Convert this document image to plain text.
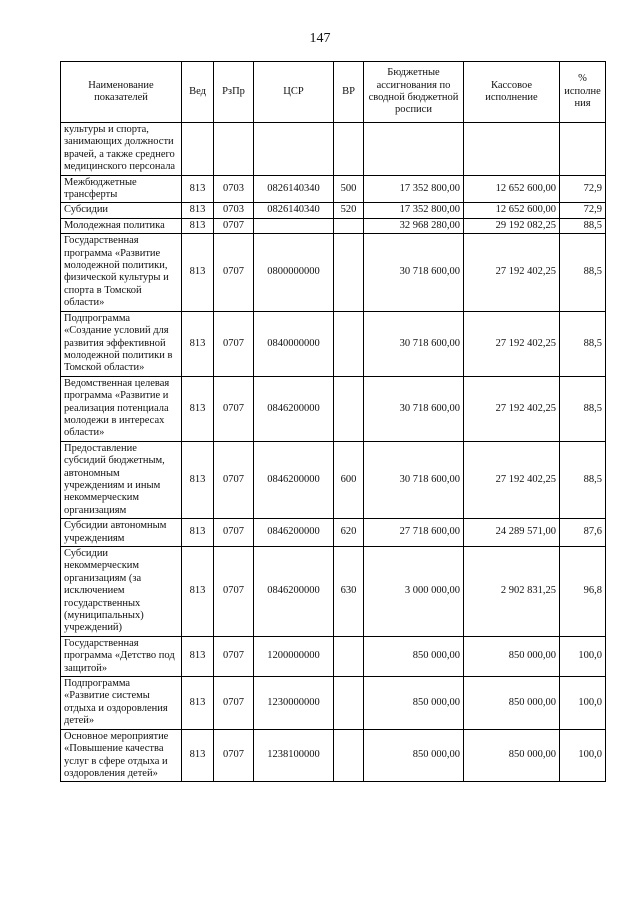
147
Наименование показателей	Вед	РзПр	ЦСР	ВР	Бюджетные ассигнования по сводной бюджетной росписи	Кассовое исполнение	% исполне ния
культуры и спорта, занимающих должности врачей, а также среднего медицинского персонала							
Межбюджетные трансферты	813	0703	0826140340	500	17 352 800,00	12 652 600,00	72,9
Субсидии	813	0703	0826140340	520	17 352 800,00	12 652 600,00	72,9
Молодежная политика	813	0707			32 968 280,00	29 192 082,25	88,5
Государственная программа «Развитие молодежной политики, физической культуры и спорта в Томской области»	813	0707	0800000000		30 718 600,00	27 192 402,25	88,5
Подпрограмма «Создание условий для развития эффективной молодежной политики в Томской области»	813	0707	0840000000		30 718 600,00	27 192 402,25	88,5
Ведомственная целевая программа «Развитие и реализация потенциала молодежи в интересах области»	813	0707	0846200000		30 718 600,00	27 192 402,25	88,5
Предоставление субсидий бюджетным, автономным учреждениям и иным некоммерческим организациям	813	0707	0846200000	600	30 718 600,00	27 192 402,25	88,5
Субсидии автономным учреждениям	813	0707	0846200000	620	27 718 600,00	24 289 571,00	87,6
Субсидии некоммерческим организациям (за исключением государственных (муниципальных) учреждений)	813	0707	0846200000	630	3 000 000,00	2 902 831,25	96,8
Государственная программа «Детство под защитой»	813	0707	1200000000		850 000,00	850 000,00	100,0
Подпрограмма «Развитие системы отдыха и оздоровления детей»	813	0707	1230000000		850 000,00	850 000,00	100,0
Основное мероприятие «Повышение качества услуг в сфере отдыха и оздоровления детей»	813	0707	1238100000		850 000,00	850 000,00	100,0
